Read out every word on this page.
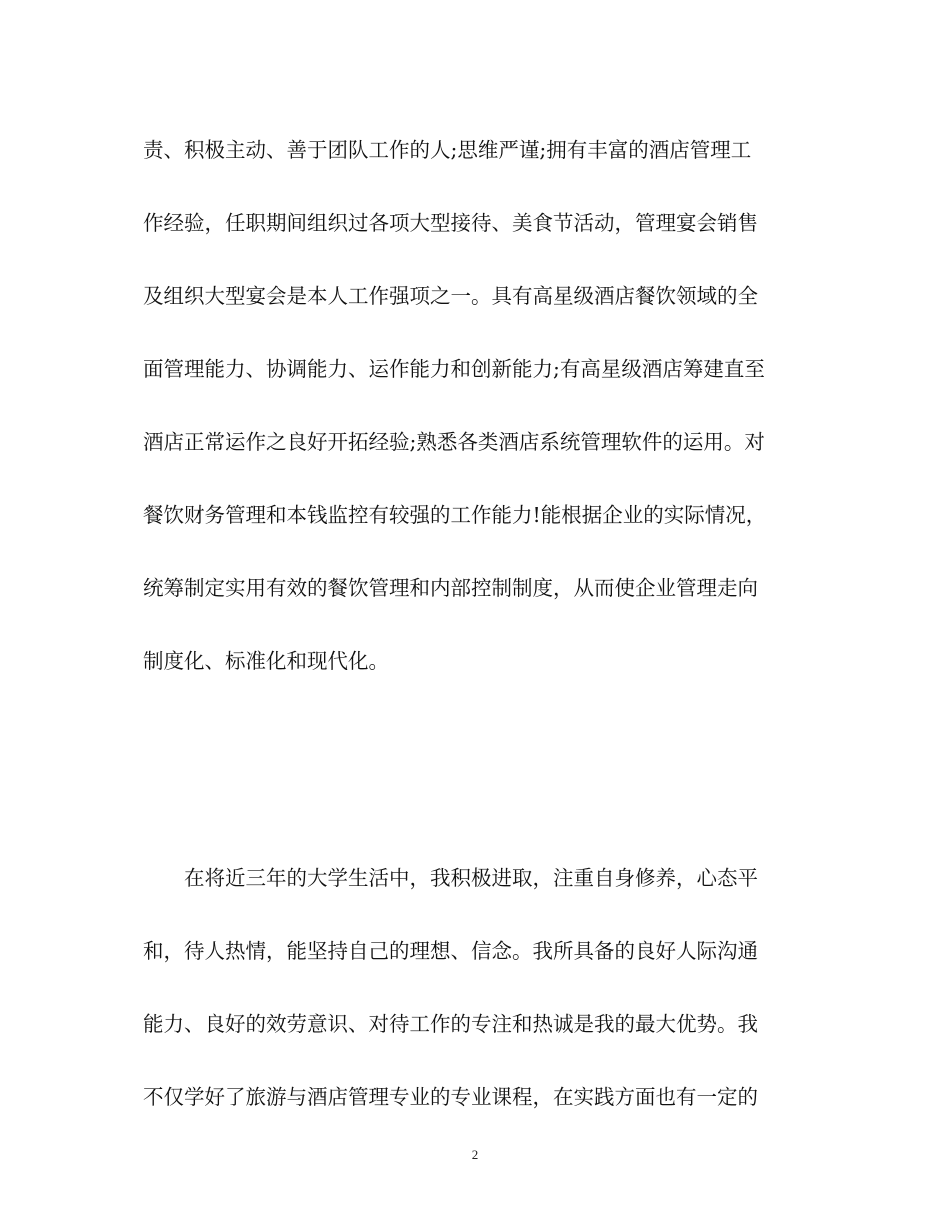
责、积极主动、善于团队工作的人;思维严谨;拥有丰富的酒店管理工
作经验，任职期间组织过各项大型接待、美食节活动，管理宴会销售
及组织大型宴会是本人工作强项之一。具有高星级酒店餐饮领域的全
面管理能力、协调能力、运作能力和创新能力;有高星级酒店筹建直至
酒店正常运作之良好开拓经验;熟悉各类酒店系统管理软件的运用。对
餐饮财务管理和本钱监控有较强的工作能力!能根据企业的实际情况，
统筹制定实用有效的餐饮管理和内部控制制度，从而使企业管理走向
制度化、标准化和现代化。
在将近三年的大学生活中，我积极进取，注重自身修养，心态平
和，待人热情，能坚持自己的理想、信念。我所具备的良好人际沟通
能力、良好的效劳意识、对待工作的专注和热诚是我的最大优势。我
不仅学好了旅游与酒店管理专业的专业课程，在实践方面也有一定的
2
